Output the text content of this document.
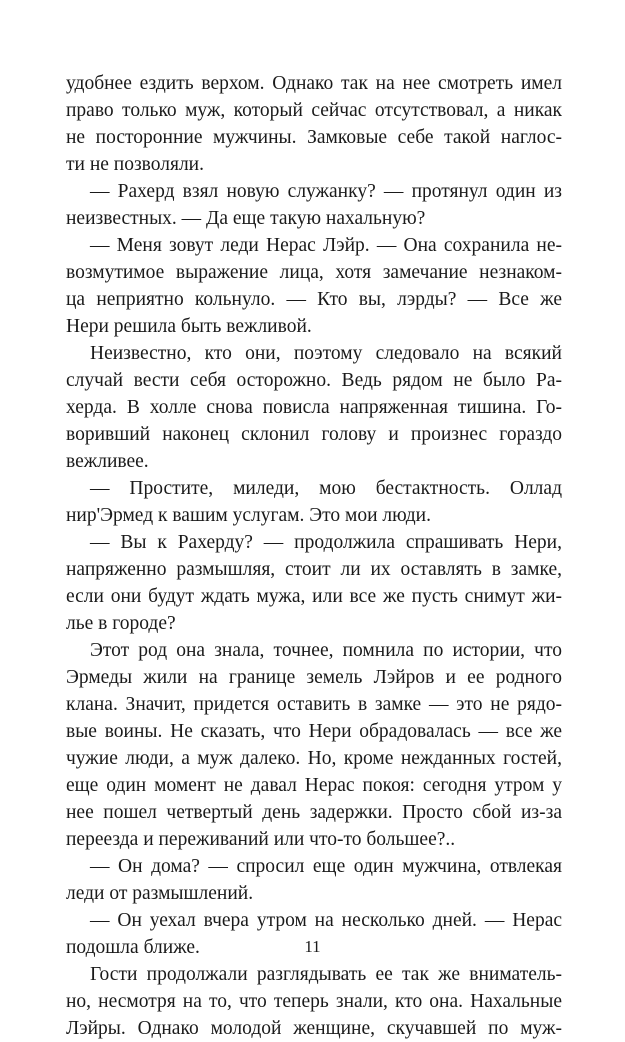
удобнее ездить верхом. Однако так на нее смотреть имел
право только муж, который сейчас отсутствовал, а никак
не посторонние мужчины. Замковые себе такой наглос-
ти не позволяли.
— Рахерд взял новую служанку? — протянул один из
неизвестных. — Да еще такую нахальную?
— Меня зовут леди Нерас Лэйр. — Она сохранила не-
возмутимое выражение лица, хотя замечание незнаком-
ца неприятно кольнуло. — Кто вы, лэрды? — Все же
Нери решила быть вежливой.
Неизвестно, кто они, поэтому следовало на всякий
случай вести себя осторожно. Ведь рядом не было Ра-
херда. В холле снова повисла напряженная тишина. Го-
воривший наконец склонил голову и произнес гораздо
вежливее.
— Простите, миледи, мою бестактность. Оллад
нир'Эрмед к вашим услугам. Это мои люди.
— Вы к Рахерду? — продолжила спрашивать Нери,
напряженно размышляя, стоит ли их оставлять в замке,
если они будут ждать мужа, или все же пусть снимут жи-
лье в городе?
Этот род она знала, точнее, помнила по истории, что
Эрмеды жили на границе земель Лэйров и ее родного
клана. Значит, придется оставить в замке — это не рядо-
вые воины. Не сказать, что Нери обрадовалась — все же
чужие люди, а муж далеко. Но, кроме нежданных гостей,
еще один момент не давал Нерас покоя: сегодня утром у
нее пошел четвертый день задержки. Просто сбой из-за
переезда и переживаний или что-то большее?..
— Он дома? — спросил еще один мужчина, отвлекая
леди от размышлений.
— Он уехал вчера утром на несколько дней. — Нерас
подошла ближе.
Гости продолжали разглядывать ее так же вниматель-
но, несмотря на то, что теперь знали, кто она. Нахальные
Лэйры. Однако молодой женщине, скучавшей по муж-
11
